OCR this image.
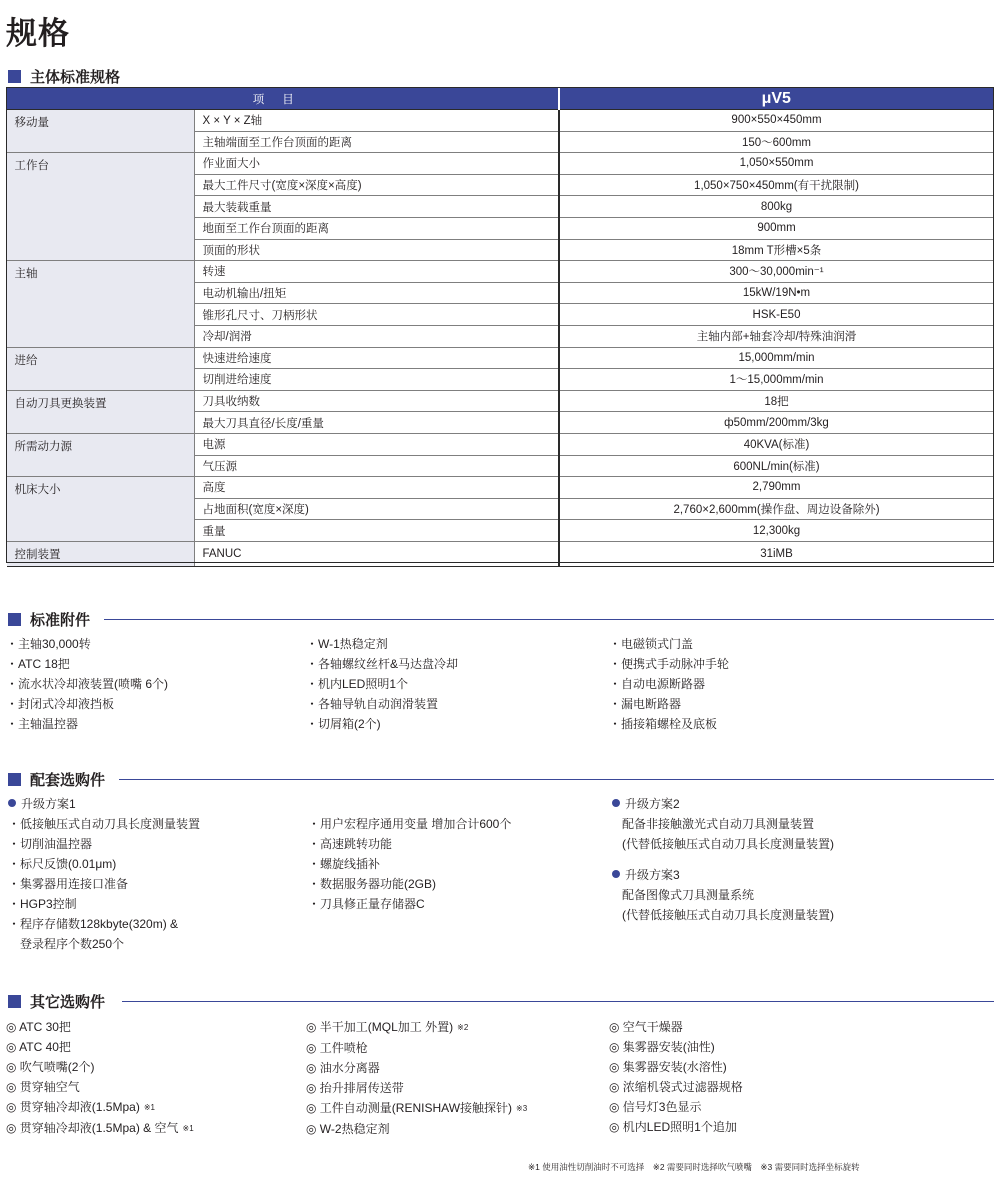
规格
主体标准规格
项目		μV5
移动量	X × Y × Z轴	900×550×450mm
	主轴端面至工作台顶面的距离	150～600mm
工作台	作业面大小	1,050×550mm
	最大工件尺寸(宽度×深度×高度)	1,050×750×450mm(有干扰限制)
	最大装载重量	800kg
	地面至工作台顶面的距离	900mm
	顶面的形状	18mm T形槽×5条
主轴	转速	300～30,000min⁻¹
	电动机输出/扭矩	15kW/19N•m
	锥形孔尺寸、刀柄形状	HSK-E50
	冷却/润滑	主轴内部+轴套冷却/特殊油润滑
进给	快速进给速度	15,000mm/min
	切削进给速度	1～15,000mm/min
自动刀具更换装置	刀具收纳数	18把
	最大刀具直径/长度/重量	ф50mm/200mm/3kg
所需动力源	电源	40KVA(标准)
	气压源	600NL/min(标准)
机床大小	高度	2,790mm
	占地面积(宽度×深度)	2,760×2,600mm(操作盘、周边设备除外)
	重量	12,300kg
控制装置	FANUC	31iMB
标准附件
・主轴30,000转
・ATC 18把
・流水状冷却液装置(喷嘴 6个)
・封闭式冷却液挡板
・主轴温控器
・W-1热稳定剂
・各轴螺纹丝杆&马达盘冷却
・机内LED照明1个
・各轴导轨自动润滑装置
・切屑箱(2个)
・电磁锁式门盖
・便携式手动脉冲手轮
・自动电源断路器
・漏电断路器
・插接箱螺栓及底板
配套选购件
升级方案1
・低接触压式自动刀具长度测量装置
・切削油温控器
・标尺反馈(0.01μm)
・集雾器用连接口准备
・HGP3控制
・程序存储数128kbyte(320m) &
　登录程序个数250个
・用户宏程序通用变量 增加合计600个
・高速跳转功能
・螺旋线插补
・数据服务器功能(2GB)
・刀具修正量存储器C
升级方案2
配备非接触激光式自动刀具测量装置
(代替低接触压式自动刀具长度测量装置)
升级方案3
配备图像式刀具测量系统
(代替低接触压式自动刀具长度测量装置)
其它选购件
◎ ATC 30把
◎ ATC 40把
◎ 吹气喷嘴(2个)
◎ 贯穿轴空气
◎ 贯穿轴冷却液(1.5Mpa) ※1
◎ 贯穿轴冷却液(1.5Mpa) & 空气 ※1
◎ 半干加工(MQL加工 外置) ※2
◎ 工件喷枪
◎ 油水分离器
◎ 抬升排屑传送带
◎ 工件自动测量(RENISHAW接触探针) ※3
◎ W-2热稳定剂
◎ 空气干燥器
◎ 集雾器安装(油性)
◎ 集雾器安装(水溶性)
◎ 浓缩机袋式过滤器规格
◎ 信号灯3色显示
◎ 机内LED照明1个追加
※1 使用油性切削油时不可选择　※2 需要同时选择吹气喷嘴　※3 需要同时选择坐标旋转
